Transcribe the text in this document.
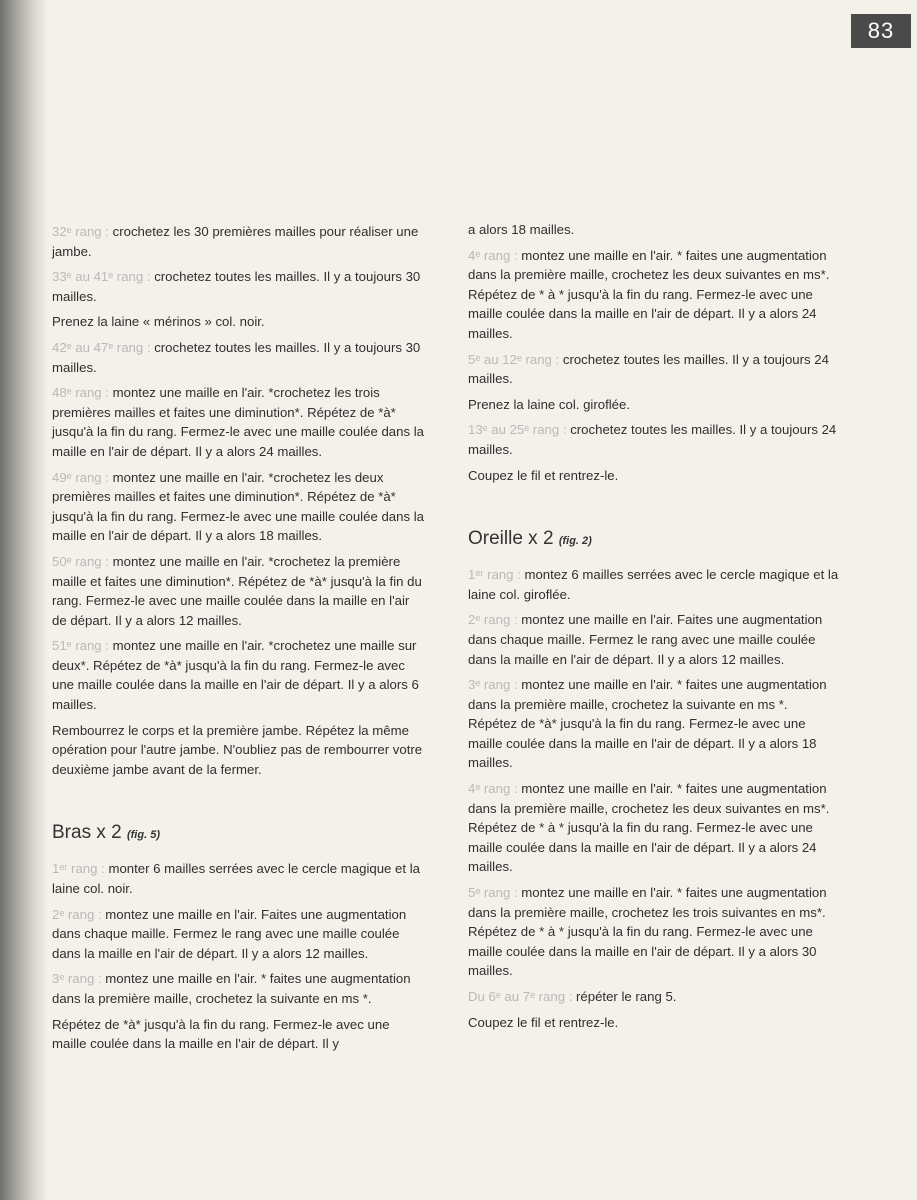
83

32ᵉ rang : crochetez les 30 premières mailles pour réaliser une jambe.

33ᵉ au 41ᵉ rang : crochetez toutes les mailles. Il y a toujours 30 mailles.

Prenez la laine « mérinos » col. noir.

42ᵉ au 47ᵉ rang : crochetez toutes les mailles. Il y a toujours 30 mailles.

48ᵉ rang : montez une maille en l'air. *crochetez les trois premières mailles et faites une diminution*. Répétez de *à* jusqu'à la fin du rang. Fermez-le avec une maille coulée dans la maille en l'air de départ. Il y a alors 24 mailles.

49ᵉ rang : montez une maille en l'air. *crochetez les deux premières mailles et faites une diminution*. Répétez de *à* jusqu'à la fin du rang. Fermez-le avec une maille coulée dans la maille en l'air de départ. Il y a alors 18 mailles.

50ᵉ rang : montez une maille en l'air. *crochetez la première maille et faites une diminution*. Répétez de *à* jusqu'à la fin du rang. Fermez-le avec une maille coulée dans la maille en l'air de départ. Il y a alors 12 mailles.

51ᵉ rang : montez une maille en l'air. *crochetez une maille sur deux*. Répétez de *à* jusqu'à la fin du rang. Fermez-le avec une maille coulée dans la maille en l'air de départ. Il y a alors 6 mailles.

Rembourrez le corps et la première jambe. Répétez la même opération pour l'autre jambe. N'oubliez pas de rembourrer votre deuxième jambe avant de la fermer.

Bras x 2 (fig. 5)

1ᵉʳ rang : monter 6 mailles serrées avec le cercle magique et la laine col. noir.

2ᵉ rang : montez une maille en l'air. Faites une augmentation dans chaque maille. Fermez le rang avec une maille coulée dans la maille en l'air de départ. Il y a alors 12 mailles.

3ᵉ rang : montez une maille en l'air. * faites une augmentation dans la première maille, crochetez la suivante en ms *.

Répétez de *à* jusqu'à la fin du rang. Fermez-le avec une maille coulée dans la maille en l'air de départ. Il y

a alors 18 mailles.

4ᵉ rang : montez une maille en l'air. * faites une augmentation dans la première maille, crochetez les deux suivantes en ms*. Répétez de * à * jusqu'à la fin du rang. Fermez-le avec une maille coulée dans la maille en l'air de départ. Il y a alors 24 mailles.

5ᵉ au 12ᵉ rang : crochetez toutes les mailles. Il y a toujours 24 mailles.

Prenez la laine col. giroflée.

13ᵉ au 25ᵉ rang : crochetez toutes les mailles. Il y a toujours 24 mailles.

Coupez le fil et rentrez-le.

Oreille x 2 (fig. 2)

1ᵉʳ rang : montez 6 mailles serrées avec le cercle magique et la laine col. giroflée.

2ᵉ rang : montez une maille en l'air. Faites une augmentation dans chaque maille. Fermez le rang avec une maille coulée dans la maille en l'air de départ. Il y a alors 12 mailles.

3ᵉ rang : montez une maille en l'air. * faites une augmentation dans la première maille, crochetez la suivante en ms *. Répétez de *à* jusqu'à la fin du rang. Fermez-le avec une maille coulée dans la maille en l'air de départ. Il y a alors 18 mailles.

4ᵉ rang : montez une maille en l'air. * faites une augmentation dans la première maille, crochetez les deux suivantes en ms*. Répétez de * à * jusqu'à la fin du rang. Fermez-le avec une maille coulée dans la maille en l'air de départ. Il y a alors 24 mailles.

5ᵉ rang : montez une maille en l'air. * faites une augmentation dans la première maille, crochetez les trois suivantes en ms*. Répétez de * à * jusqu'à la fin du rang. Fermez-le avec une maille coulée dans la maille en l'air de départ. Il y a alors 30 mailles.

Du 6ᵉ au 7ᵉ rang : répéter le rang 5.

Coupez le fil et rentrez-le.
